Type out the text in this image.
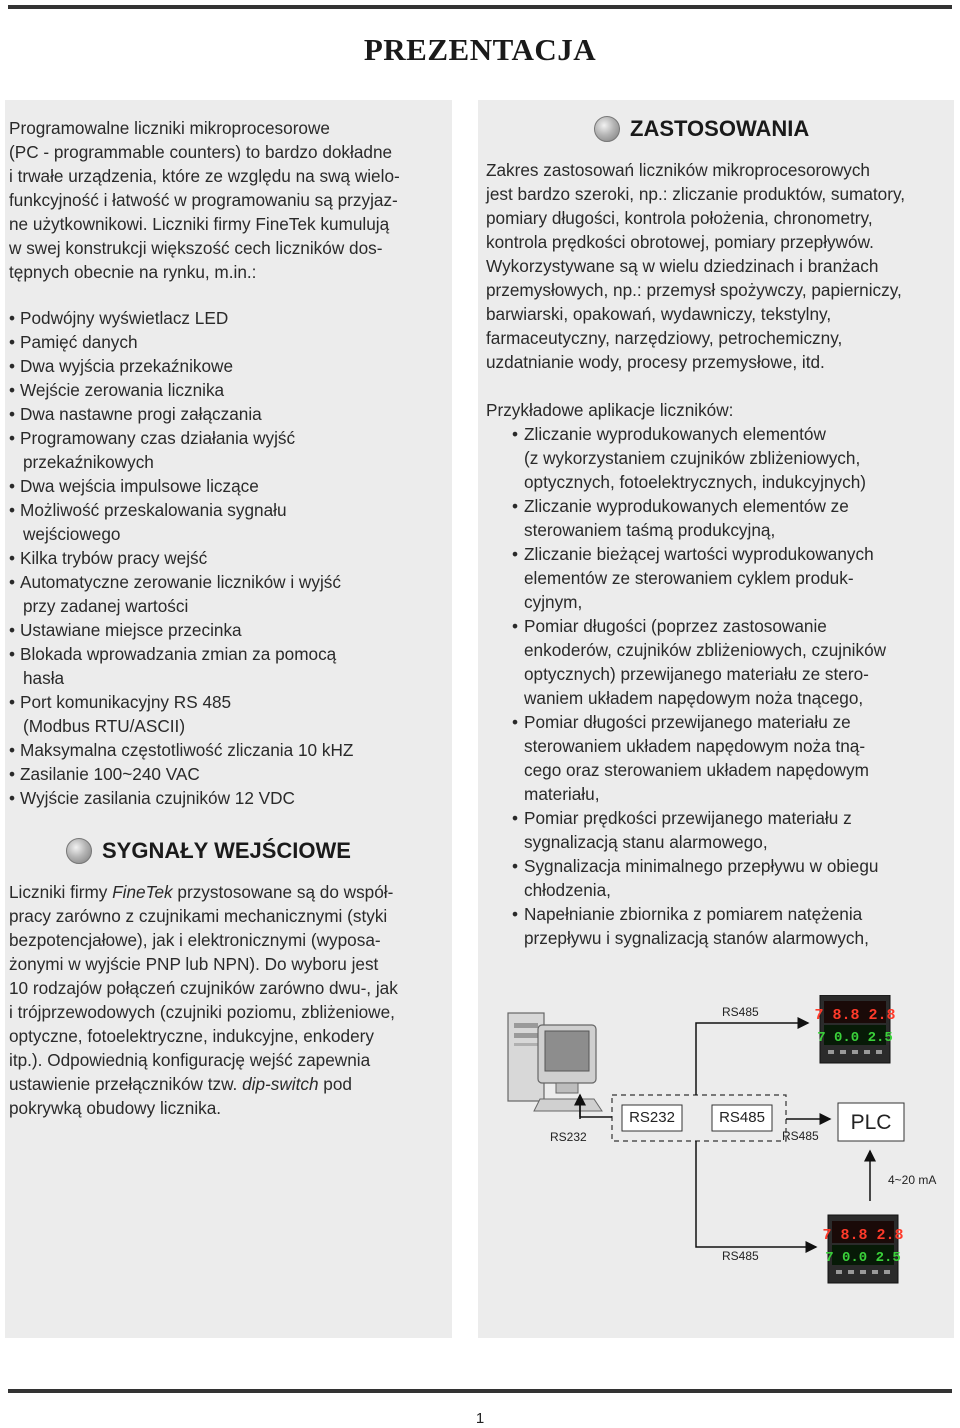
PREZENTACJA
Programowalne liczniki mikroprocesorowe
(PC - programmable counters) to bardzo dokładne
i trwałe urządzenia, które ze względu na swą wielo-
funkcyjność i łatwość w programowaniu są przyjaz-
ne użytkownikowi. Liczniki firmy FineTek kumulują
w swej konstrukcji większość cech liczników dos-
tępnych obecnie na rynku, m.in.:
• Podwójny wyświetlacz LED
• Pamięć danych
• Dwa wyjścia przekaźnikowe
• Wejście zerowania licznika
• Dwa nastawne progi załączania
• Programowany czas działania wyjść
przekaźnikowych
• Dwa wejścia impulsowe liczące
• Możliwość przeskalowania sygnału
wejściowego
• Kilka trybów pracy wejść
• Automatyczne zerowanie liczników i wyjść
przy zadanej wartości
• Ustawiane miejsce przecinka
• Blokada wprowadzania zmian za pomocą
hasła
• Port komunikacyjny RS 485
(Modbus RTU/ASCII)
• Maksymalna częstotliwość zliczania 10 kHZ
• Zasilanie 100~240 VAC
• Wyjście zasilania czujników 12 VDC
SYGNAŁY WEJŚCIOWE
Liczniki firmy FineTek przystosowane są do współ-
pracy zarówno z czujnikami mechanicznymi (styki
bezpotencjałowe), jak i elektronicznymi (wyposa-
żonymi w wyjście PNP lub NPN). Do wyboru jest
10 rodzajów połączeń czujników zarówno dwu-, jak
i trójprzewodowych (czujniki poziomu, zbliżeniowe,
optyczne, fotoelektryczne, indukcyjne, enkodery
itp.). Odpowiednią konfigurację wejść zapewnia
ustawienie przełączników tzw. dip-switch pod
pokrywką obudowy licznika.
ZASTOSOWANIA
Zakres zastosowań liczników mikroprocesorowych
jest bardzo szeroki, np.: zliczanie produktów, sumatory,
pomiary długości, kontrola położenia, chronometry,
kontrola prędkości obrotowej, pomiary przepływów.
Wykorzystywane są w wielu dziedzinach i branżach
przemysłowych, np.: przemysł spożywczy, papierniczy,
barwiarski, opakowań, wydawniczy, tekstylny,
farmaceutyczny, narzędziowy, petrochemiczny,
uzdatnianie wody, procesy przemysłowe, itd.
Przykładowe aplikacje liczników:
• Zliczanie wyprodukowanych elementów
(z wykorzystaniem czujników zbliżeniowych,
optycznych, fotoelektrycznych, indukcyjnych)
• Zliczanie wyprodukowanych elementów ze
sterowaniem taśmą produkcyjną,
• Zliczanie bieżącej wartości wyprodukowanych
elementów ze sterowaniem cyklem produk-
cyjnym,
• Pomiar długości (poprzez zastosowanie
enkoderów, czujników zbliżeniowych, czujników
optycznych) przewijanego materiału ze stero-
waniem układem napędowym noża tnącego,
• Pomiar długości przewijanego materiału ze
sterowaniem układem napędowym noża tną-
cego oraz sterowaniem układem napędowym
materiału,
• Pomiar prędkości przewijanego materiału z
sygnalizacją stanu alarmowego,
• Sygnalizacja minimalnego przepływu w obiegu
chłodzenia,
• Napełnianie zbiornika z pomiarem natężenia
przepływu i sygnalizacją stanów alarmowych,
7 8.8 2.8
7 0.0 2.5
7 8.8 2.8
7 0.0 2.5
RS485
RS232
RS232	RS485
RS485
PLC
4~20 mA
RS485
1
